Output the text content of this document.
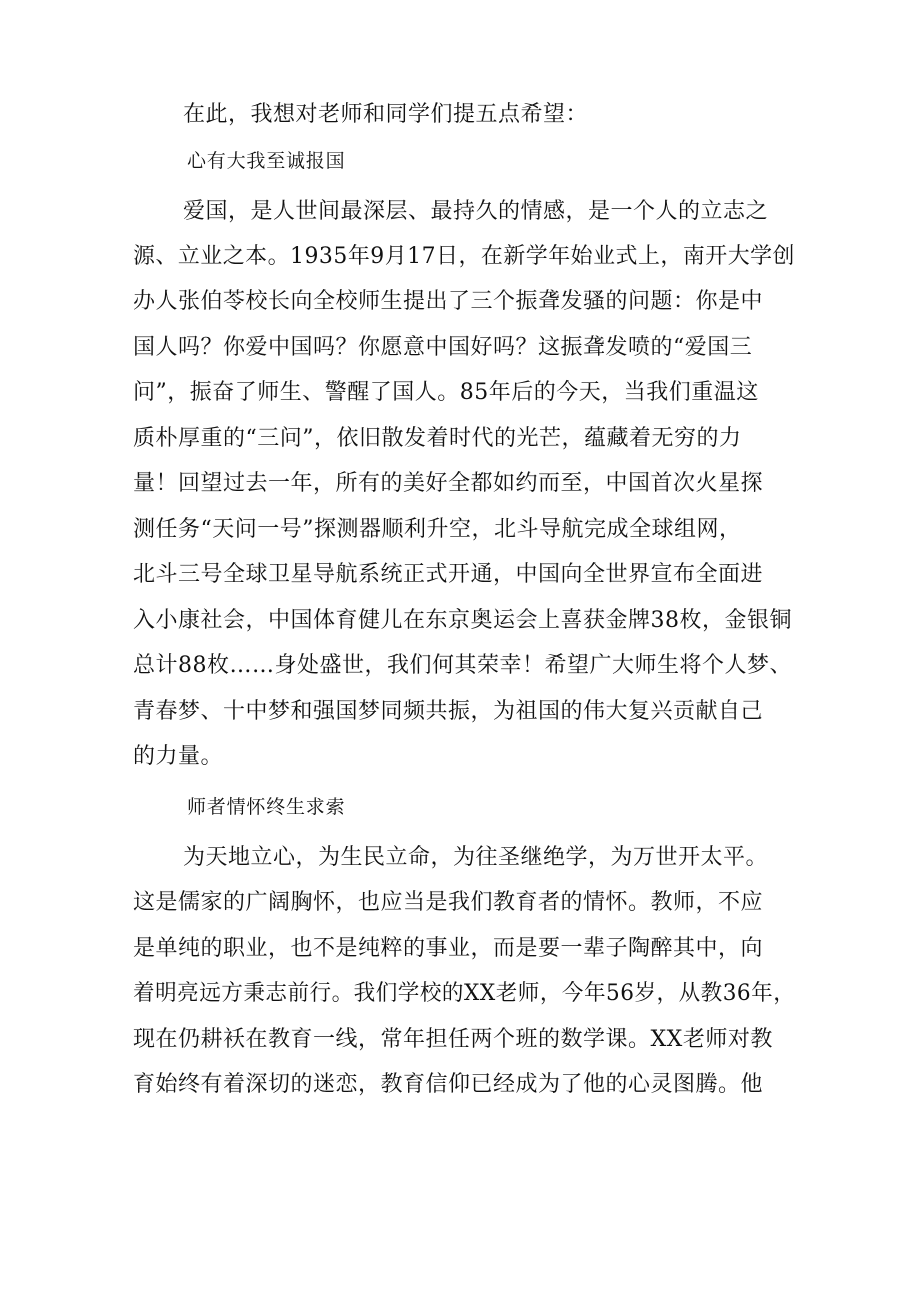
在此，我想对老师和同学们提五点希望：
心有大我至诚报国
爱国，是人世间最深层、最持久的情感，是一个人的立志之
源、立业之本。1935年9月17日，在新学年始业式上，南开大学创
办人张伯苓校长向全校师生提出了三个振聋发骚的问题：你是中
国人吗？你爱中国吗？你愿意中国好吗？这振聋发喷的“爱国三
问”，振奋了师生、警醒了国人。85年后的今天，当我们重温这
质朴厚重的“三问”，依旧散发着时代的光芒，蕴藏着无穷的力
量！回望过去一年，所有的美好全都如约而至，中国首次火星探
测任务“天问一号”探测器顺利升空，北斗导航完成全球组网，
北斗三号全球卫星导航系统正式开通，中国向全世界宣布全面进
入小康社会，中国体育健儿在东京奥运会上喜获金牌38枚，金银铜
总计88枚……身处盛世，我们何其荣幸！希望广大师生将个人梦、
青春梦、十中梦和强国梦同频共振，为祖国的伟大复兴贡献自己
的力量。
师者情怀终生求索
为天地立心，为生民立命，为往圣继绝学，为万世开太平。
这是儒家的广阔胸怀，也应当是我们教育者的情怀。教师，不应
是单纯的职业，也不是纯粹的事业，而是要一辈子陶醉其中，向
着明亮远方秉志前行。我们学校的XX老师，今年56岁，从教36年，
现在仍耕袄在教育一线，常年担任两个班的数学课。XX老师对教
育始终有着深切的迷恋，教育信仰已经成为了他的心灵图腾。他
